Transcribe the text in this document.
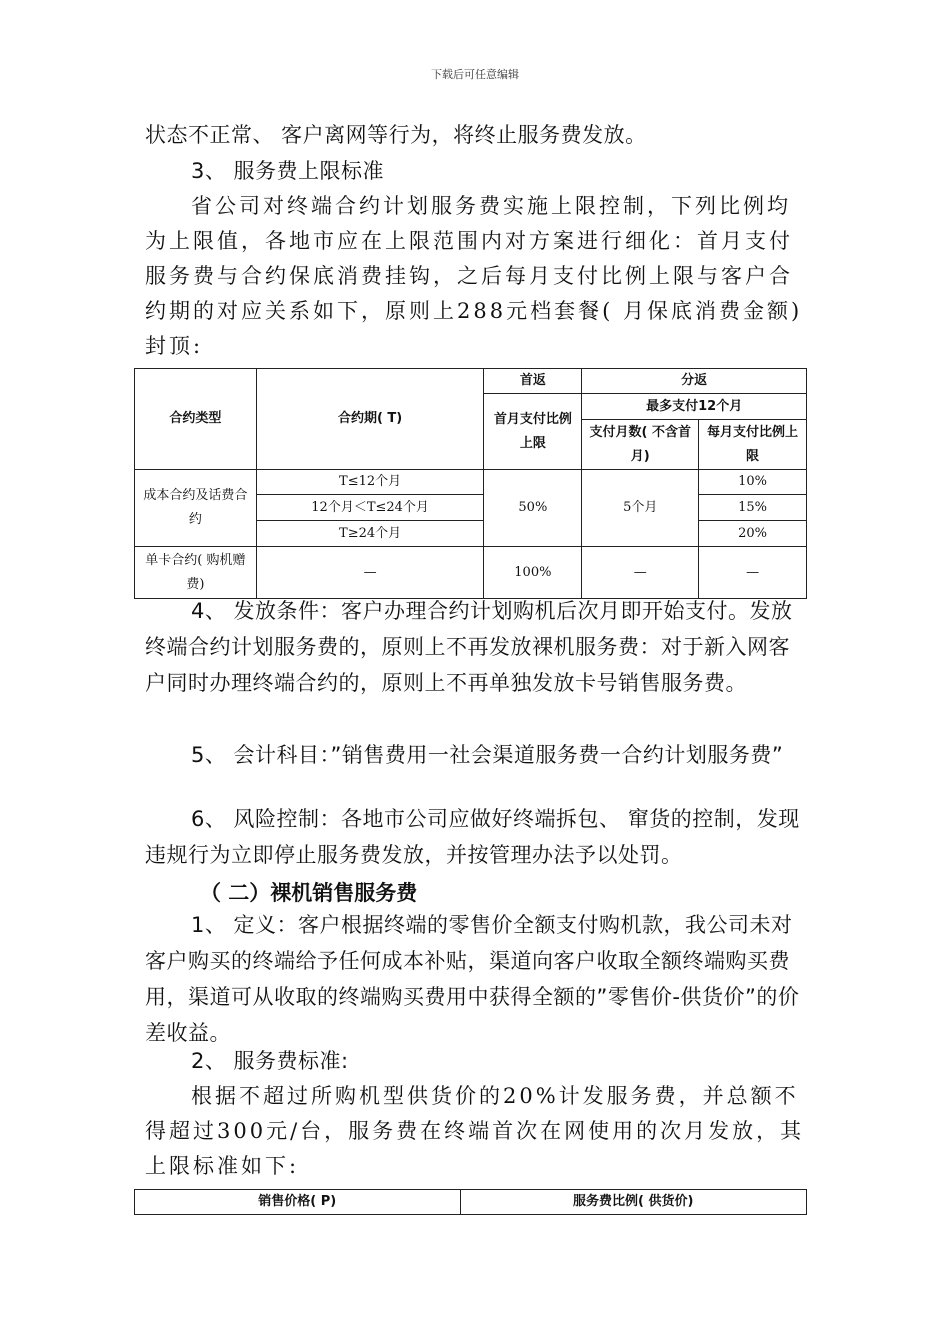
下载后可任意编辑

状态不正常、 客户离网等行为，将终止服务费发放。

3、 服务费上限标准

省公司对终端合约计划服务费实施上限控制，下列比例均为上限值，各地市应在上限范围内对方案进行细化：首月支付服务费与合约保底消费挂钩，之后每月支付比例上限与客户合约期的对应关系如下，原则上288元档套餐( 月保底消费金额)封顶:

合约类型	合约期( T)	首返	分返	
		首月支付比例上限	最多支付12个月	
			支付月数( 不含首月)	每月支付比例上限
成本合约及话费合约	T≤12个月	50%	5个月	10%
	12个月＜T≤24个月			15%
	T≥24个月			20%
单卡合约( 购机赠费)	—	100%	—	—

4、 发放条件：客户办理合约计划购机后次月即开始支付。发放终端合约计划服务费的，原则上不再发放裸机服务费：对于新入网客户同时办理终端合约的，原则上不再单独发放卡号销售服务费。

5、 会计科目：”销售费用一社会渠道服务费一合约计划服务费”

6、 风险控制：各地市公司应做好终端拆包、 窜货的控制，发现违规行为立即停止服务费发放，并按管理办法予以处罚。

（ 二）裸机销售服务费

1、 定义：客户根据终端的零售价全额支付购机款，我公司未对客户购买的终端给予任何成本补贴，渠道向客户收取全额终端购买费用，渠道可从收取的终端购买费用中获得全额的”零售价-供货价”的价差收益。

2、 服务费标准:

根据不超过所购机型供货价的20%计发服务费，并总额不得超过300元/台，服务费在终端首次在网使用的次月发放，其上限标准如下:

销售价格( P)	服务费比例( 供货价)
